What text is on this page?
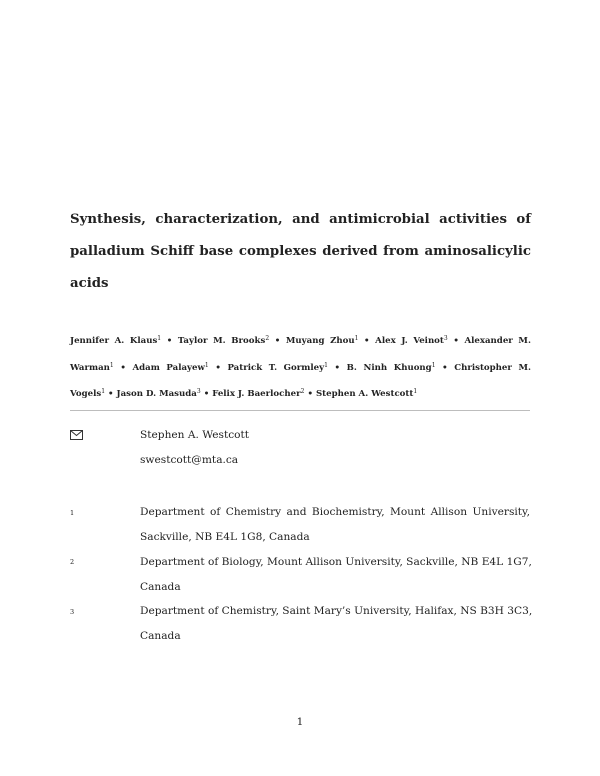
Synthesis, characterization, and antimicrobial activities of
palladium Schiff base complexes derived from aminosalicylic
acids
Jennifer A. Klaus$^1$ • Taylor M. Brooks$^2$ • Muyang Zhou$^1$ • Alex J. Veinot$^3$ • Alexander M.
Warman$^1$ • Adam Palayew$^1$ • Patrick T. Gormley$^1$ • B. Ninh Khuong$^1$ • Christopher M.
Vogels$^1$ • Jason D. Masuda$^3$ • Felix J. Baerlocher$^2$ • Stephen A. Westcott$^1$

Stephen A. Westcott

swestcott@mta.ca

1	Department of Chemistry and Biochemistry, Mount Allison University,
Sackville, NB E4L 1G8, Canada

2	Department of Biology, Mount Allison University, Sackville, NB E4L 1G7,
Canada

3	Department of Chemistry, Saint Mary’s University, Halifax, NS B3H 3C3,
Canada

1
